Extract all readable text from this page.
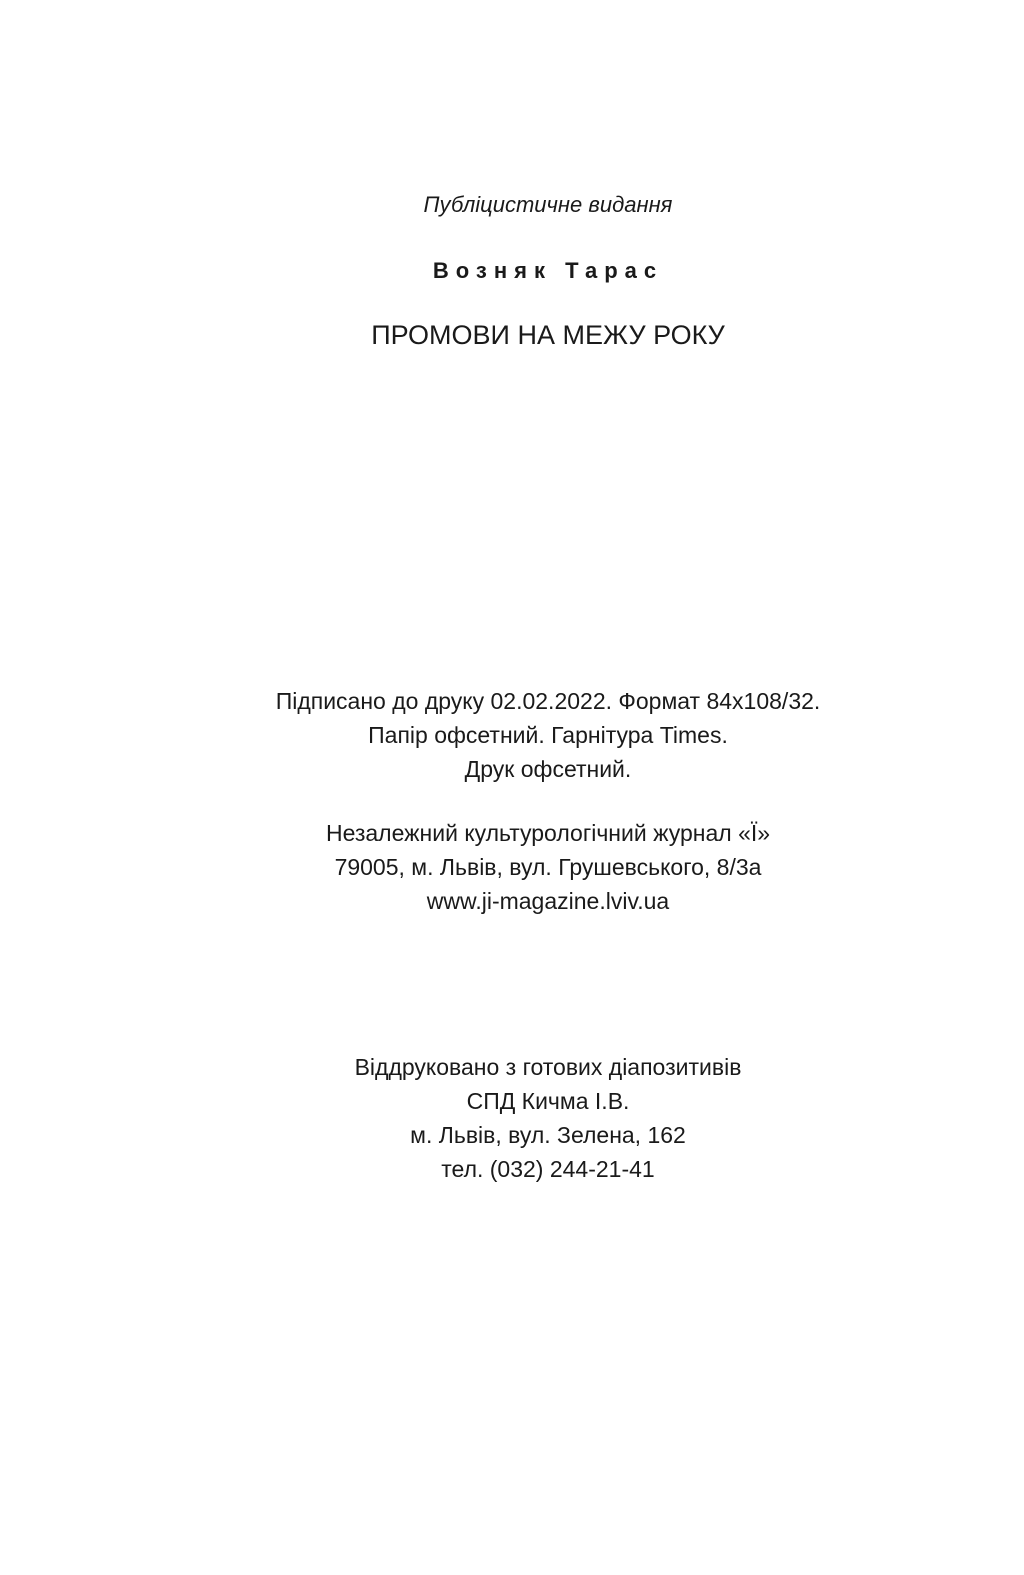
Публіцистичне видання

Возняк Тарас

ПРОМОВИ НА МЕЖУ РОКУ

Підписано до друку 02.02.2022. Формат 84х108/32.

Папір офсетний. Гарнітура Times.

Друк офсетний.

Незалежний культурологічний журнал «Ї»

79005, м. Львів, вул. Грушевського, 8/3а

www.ji-magazine.lviv.ua

Віддруковано з готових діапозитивів

СПД Кичма І.В.

м. Львів, вул. Зелена, 162

тел. (032) 244-21-41
